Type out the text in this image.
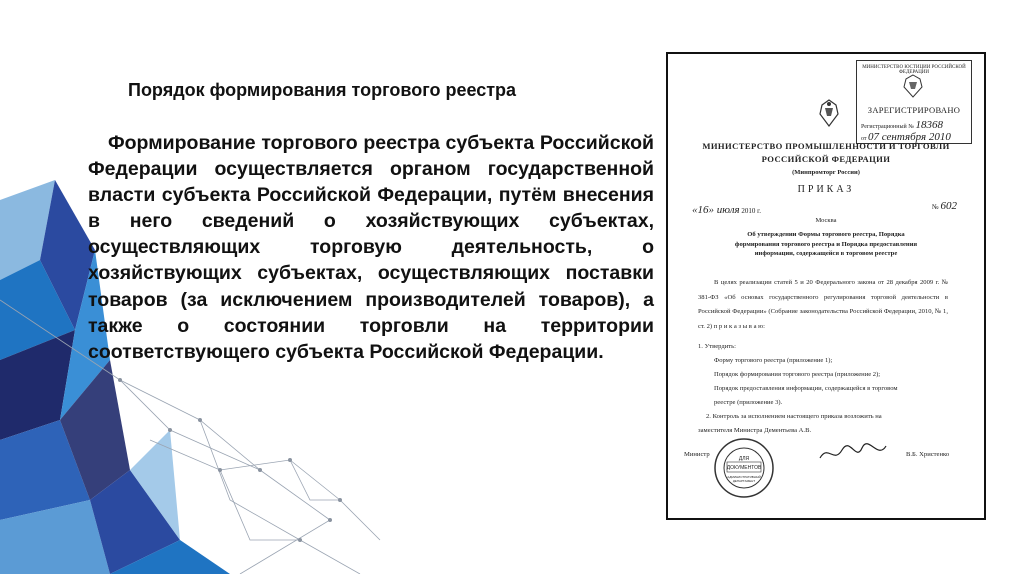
Порядок формирования торгового реестра

Формирование торгового реестра субъекта Российской Федерации осуществляется органом государственной власти субъекта Российской Федерации, путём внесения в него сведений о хозяйствующих субъектах, осуществляющих торговую деятельность, о хозяйствующих субъектах, осуществляющих поставки товаров (за исключением производителей товаров), а также о состоянии торговли на территории соответствующего субъекта Российской Федерации.

МИНИСТЕРСТВО ЮСТИЦИИ РОССИЙСКОЙ ФЕДЕРАЦИИ
ЗАРЕГИСТРИРОВАНО
Регистрационный № 18368
от 07 сентября 2010
МИНИСТЕРСТВО ПРОМЫШЛЕННОСТИ И ТОРГОВЛИ
РОССИЙСКОЙ ФЕДЕРАЦИИ
(Минпромторг России)
ПРИКАЗ
«16» июля 2010 г.	№ 602
Москва
Об утверждении Формы торгового реестра, Порядка
формирования торгового реестра и Порядка предоставления
информации, содержащейся в торговом реестре

В целях реализации статей 5 и 20 Федерального закона от 28 декабря 2009 г. № 381-ФЗ «Об основах государственного регулирования торговой деятельности в Российской Федерации» (Собрание законодательства Российской Федерации, 2010, № 1, ст. 2) п р и к а з ы в а ю:

1. Утвердить:
Форму торгового реестра (приложение 1);
Порядок формирования торгового реестра (приложение 2);
Порядок предоставления информации, содержащейся в торговом
реестре (приложение 3).
2. Контроль за исполнением настоящего приказа возложить на
заместителя Министра Дементьева А.В.
Министр	В.Б. Христенко
ДЛЯ
ДОКУМЕНТОВ
АДМИНИСТРАТИВНЫЙ
ДЕПАРТАМЕНТ
